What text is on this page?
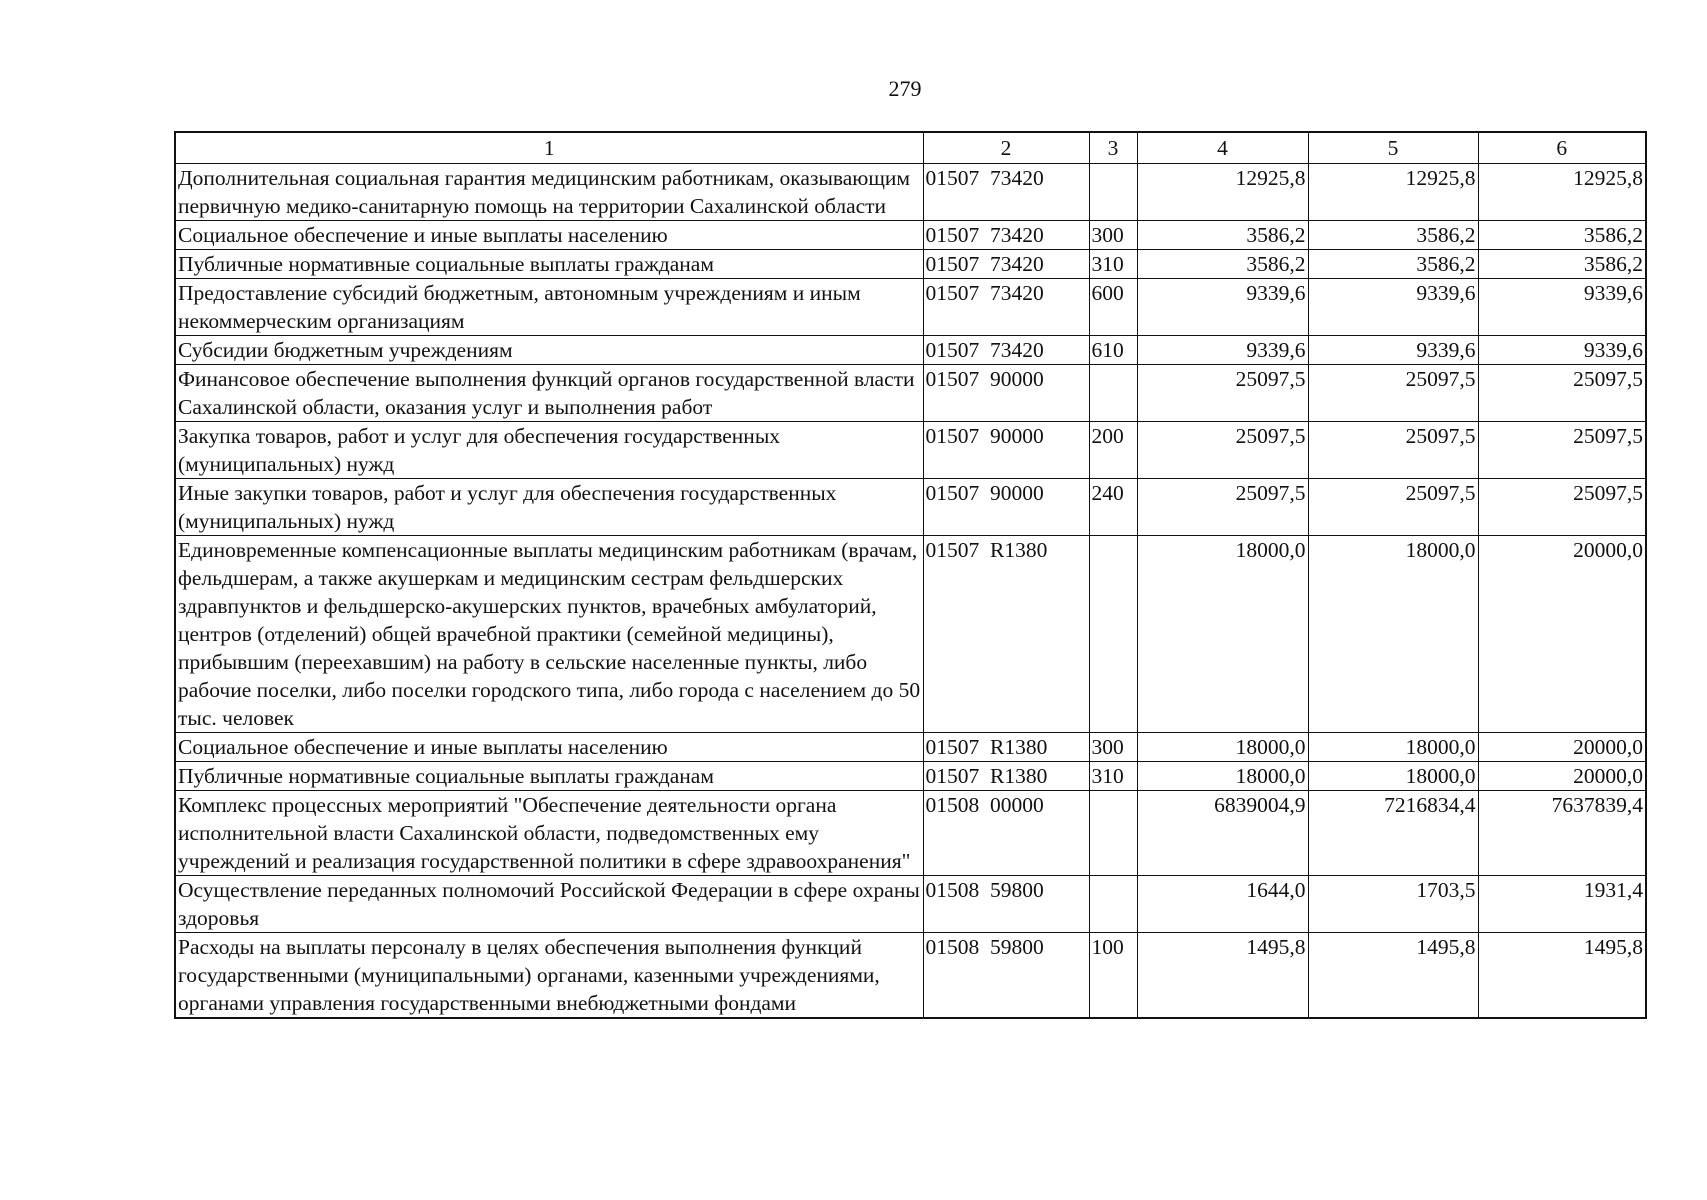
279
1	2	3	4	5	6
Дополнительная социальная гарантия медицинским работникам, оказывающим первичную медико-санитарную помощь на территории Сахалинской области	01507  73420		12925,8	12925,8	12925,8
Социальное обеспечение и иные выплаты населению	01507  73420	300	3586,2	3586,2	3586,2
Публичные нормативные социальные выплаты гражданам	01507  73420	310	3586,2	3586,2	3586,2
Предоставление субсидий бюджетным, автономным учреждениям и иным некоммерческим организациям	01507  73420	600	9339,6	9339,6	9339,6
Субсидии бюджетным учреждениям	01507  73420	610	9339,6	9339,6	9339,6
Финансовое обеспечение выполнения функций органов государственной власти Сахалинской области, оказания услуг и выполнения работ	01507  90000		25097,5	25097,5	25097,5
Закупка товаров, работ и услуг для обеспечения государственных (муниципальных) нужд	01507  90000	200	25097,5	25097,5	25097,5
Иные закупки товаров, работ и услуг для обеспечения государственных (муниципальных) нужд	01507  90000	240	25097,5	25097,5	25097,5
Единовременные компенсационные выплаты медицинским работникам (врачам, фельдшерам, а также акушеркам и медицинским сестрам фельдшерских здравпунктов и фельдшерско-акушерских пунктов, врачебных амбулаторий, центров (отделений) общей врачебной практики (семейной медицины), прибывшим (переехавшим) на работу в сельские населенные пункты, либо рабочие поселки, либо поселки городского типа, либо города с населением до 50 тыс. человек	01507  R1380		18000,0	18000,0	20000,0
Социальное обеспечение и иные выплаты населению	01507  R1380	300	18000,0	18000,0	20000,0
Публичные нормативные социальные выплаты гражданам	01507  R1380	310	18000,0	18000,0	20000,0
Комплекс процессных мероприятий "Обеспечение деятельности органа исполнительной власти Сахалинской области, подведомственных ему учреждений и реализация государственной политики в сфере здравоохранения"	01508  00000		6839004,9	7216834,4	7637839,4
Осуществление переданных полномочий Российской Федерации в сфере охраны здоровья	01508  59800		1644,0	1703,5	1931,4
Расходы на выплаты персоналу в целях обеспечения выполнения функций государственными (муниципальными) органами, казенными учреждениями, органами управления государственными внебюджетными фондами	01508  59800	100	1495,8	1495,8	1495,8
